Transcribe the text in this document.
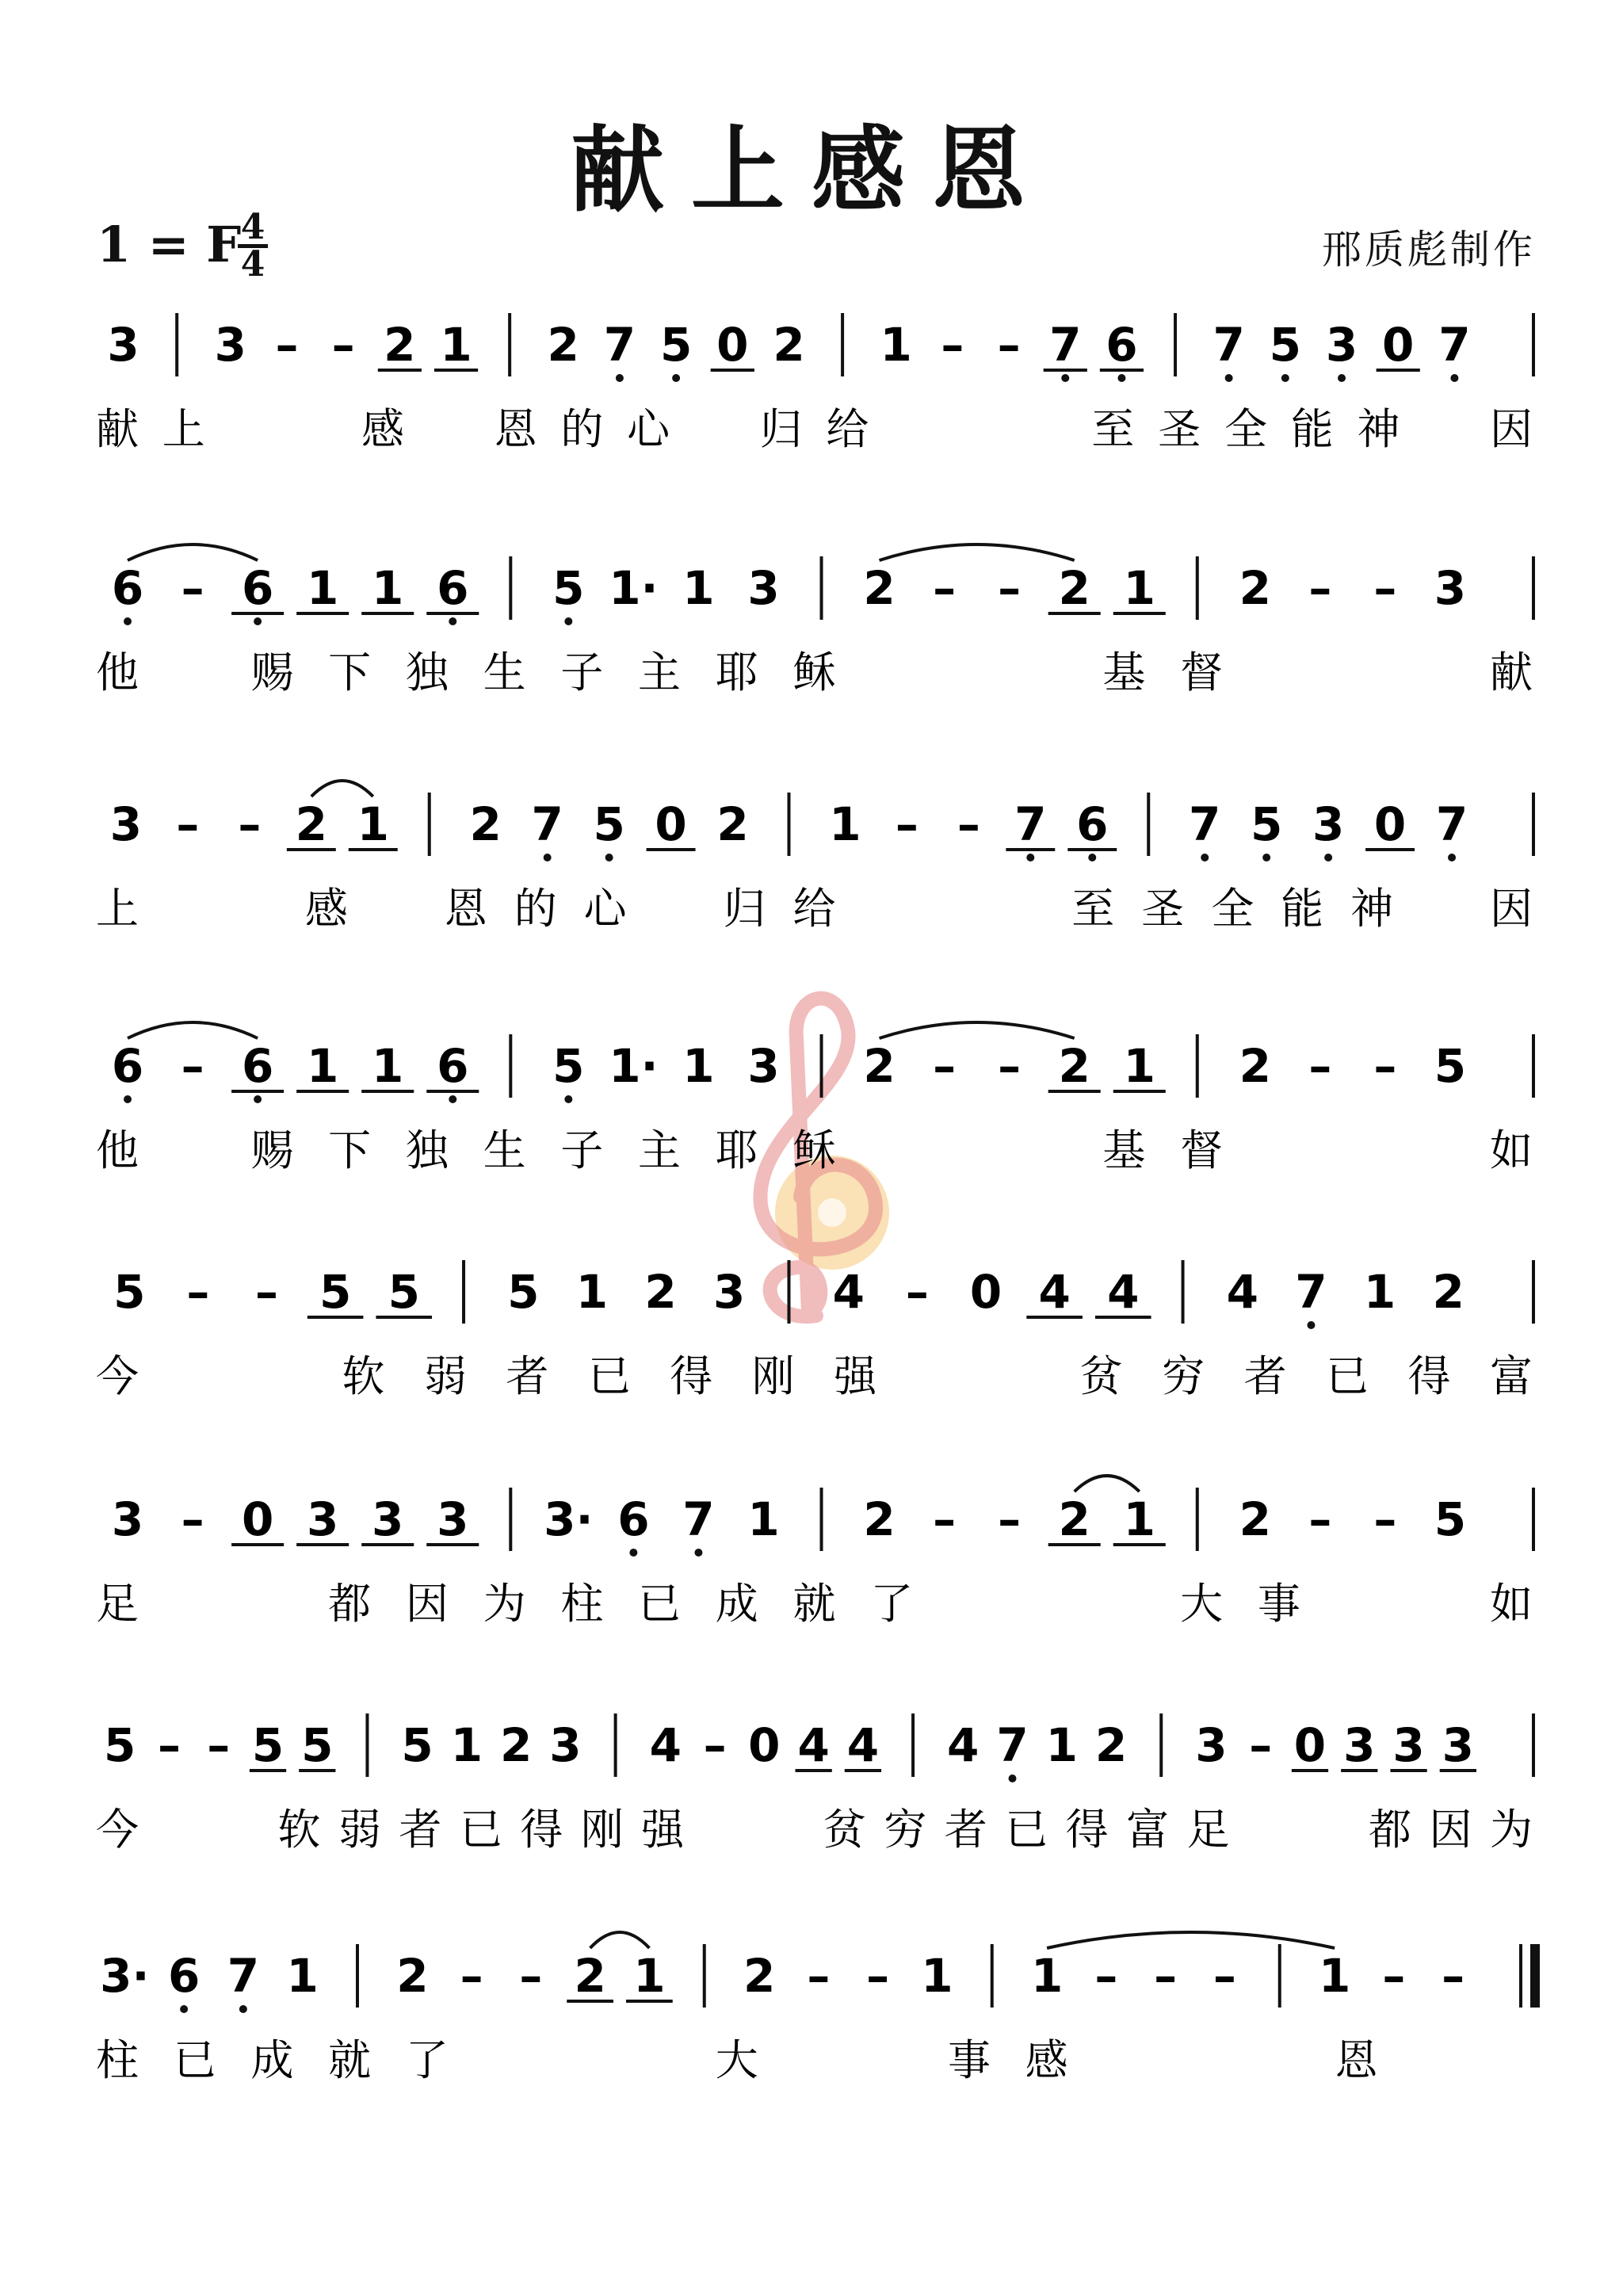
献上感恩
1 = F 4
4	邢质彪制作
3 3 – – 2 1 2 7 5 0 2 1 – – 7 6 7 5 3 0 7
献 上	感 恩 的 心 归 给	至 圣 全 能 神 因
6 – 6 1 1 6 5 1· 1 3 2 – – 2 1 2 – – 3
他	赐 下 独 生 子 主 耶 稣	基 督	献
3 – – 2 1 2 7 5 0 2 1 – – 7 6 7 5 3 0 7
上	感 恩 的 心 归 给	至 圣 全 能 神 因
6 – 6 1 1 6 5 1· 1 3 2 – – 2 1 2 – – 5
他	赐 下 独 生 子 主 耶 稣	基 督	如
5 – – 5 5 5 1 2 3 4 – 0 4 4 4 7 1 2
今	软 弱 者 已 得 刚 强	贫 穷 者 已 得 富
3 – 0 3 3 3 3· 6 7 1 2 – – 2 1 2 – – 5
足	都 因 为 柱 已 成 就 了	大 事	如
5 – – 5 5 5 1 2 3 4 – 0 4 4 4 7 1 2 3 – 0 3 3 3
今	软 弱 者 已 得 刚 强	贫 穷 者 已 得 富 足	都 因 为
3· 6 7 1 2 – – 2 1 2 – – 1 1 – – – 1 – –
柱 已 成 就 了	大	事 感	恩
